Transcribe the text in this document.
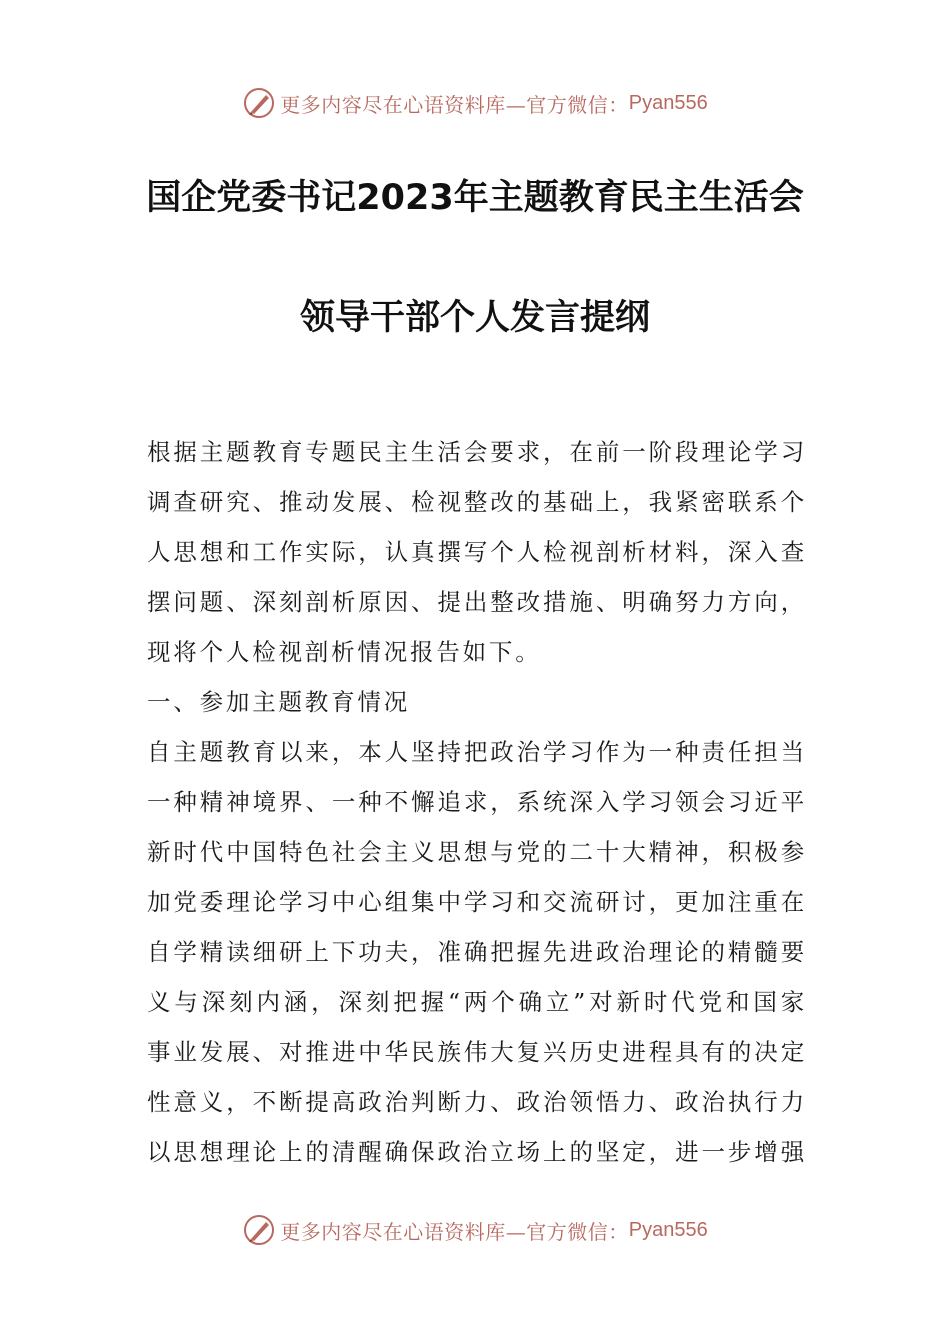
更多内容尽在心语资料库—官方微信： Pyan556
国企党委书记2023年主题教育民主生活会
领导干部个人发言提纲

根据主题教育专题民主生活会要求，在前一阶段理论学习

调查研究、推动发展、检视整改的基础上，我紧密联系个

人思想和工作实际，认真撰写个人检视剖析材料，深入查

摆问题、深刻剖析原因、提出整改措施、明确努力方向，

现将个人检视剖析情况报告如下。

一、参加主题教育情况

自主题教育以来，本人坚持把政治学习作为一种责任担当

一种精神境界、一种不懈追求，系统深入学习领会习近平

新时代中国特色社会主义思想与党的二十大精神，积极参

加党委理论学习中心组集中学习和交流研讨，更加注重在

自学精读细研上下功夫，准确把握先进政治理论的精髓要

义与深刻内涵，深刻把握“两个确立”对新时代党和国家

事业发展、对推进中华民族伟大复兴历史进程具有的决定

性意义，不断提高政治判断力、政治领悟力、政治执行力

以思想理论上的清醒确保政治立场上的坚定，进一步增强

更多内容尽在心语资料库—官方微信： Pyan556
